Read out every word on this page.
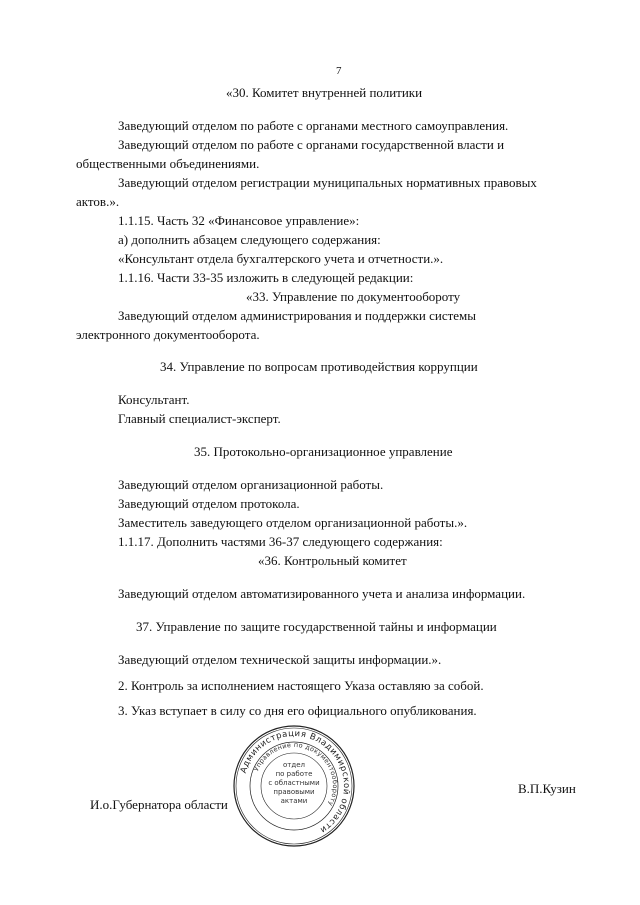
7
«30. Комитет внутренней политики
Заведующий отделом по работе с органами местного самоуправления.
Заведующий отделом по работе с органами государственной власти и
общественными объединениями.
Заведующий отделом регистрации муниципальных нормативных правовых
актов.».
1.1.15. Часть 32 «Финансовое управление»:
а) дополнить абзацем следующего содержания:
«Консультант отдела бухгалтерского учета и отчетности.».
1.1.16. Части 33-35 изложить в следующей редакции:
«33. Управление по документообороту
Заведующий отделом администрирования и поддержки системы
электронного документооборота.
34. Управление по вопросам противодействия коррупции
Консультант.
Главный специалист-эксперт.
35. Протокольно-организационное управление
Заведующий отделом организационной работы.
Заведующий отделом протокола.
Заместитель заведующего отделом организационной работы.».
1.1.17. Дополнить частями 36-37 следующего содержания:
«36. Контрольный комитет
Заведующий отделом автоматизированного учета и анализа информации.
37. Управление по защите государственной тайны и информации
Заведующий отделом технической защиты информации.».
2. Контроль за исполнением настоящего Указа оставляю за собой.
3. Указ вступает в силу со дня его официального опубликования.
И.о.Губернатора области
В.П.Кузин
Администрация Владимирской области
Управление по документообороту
отдел
по работе
с областными
правовыми
актами
